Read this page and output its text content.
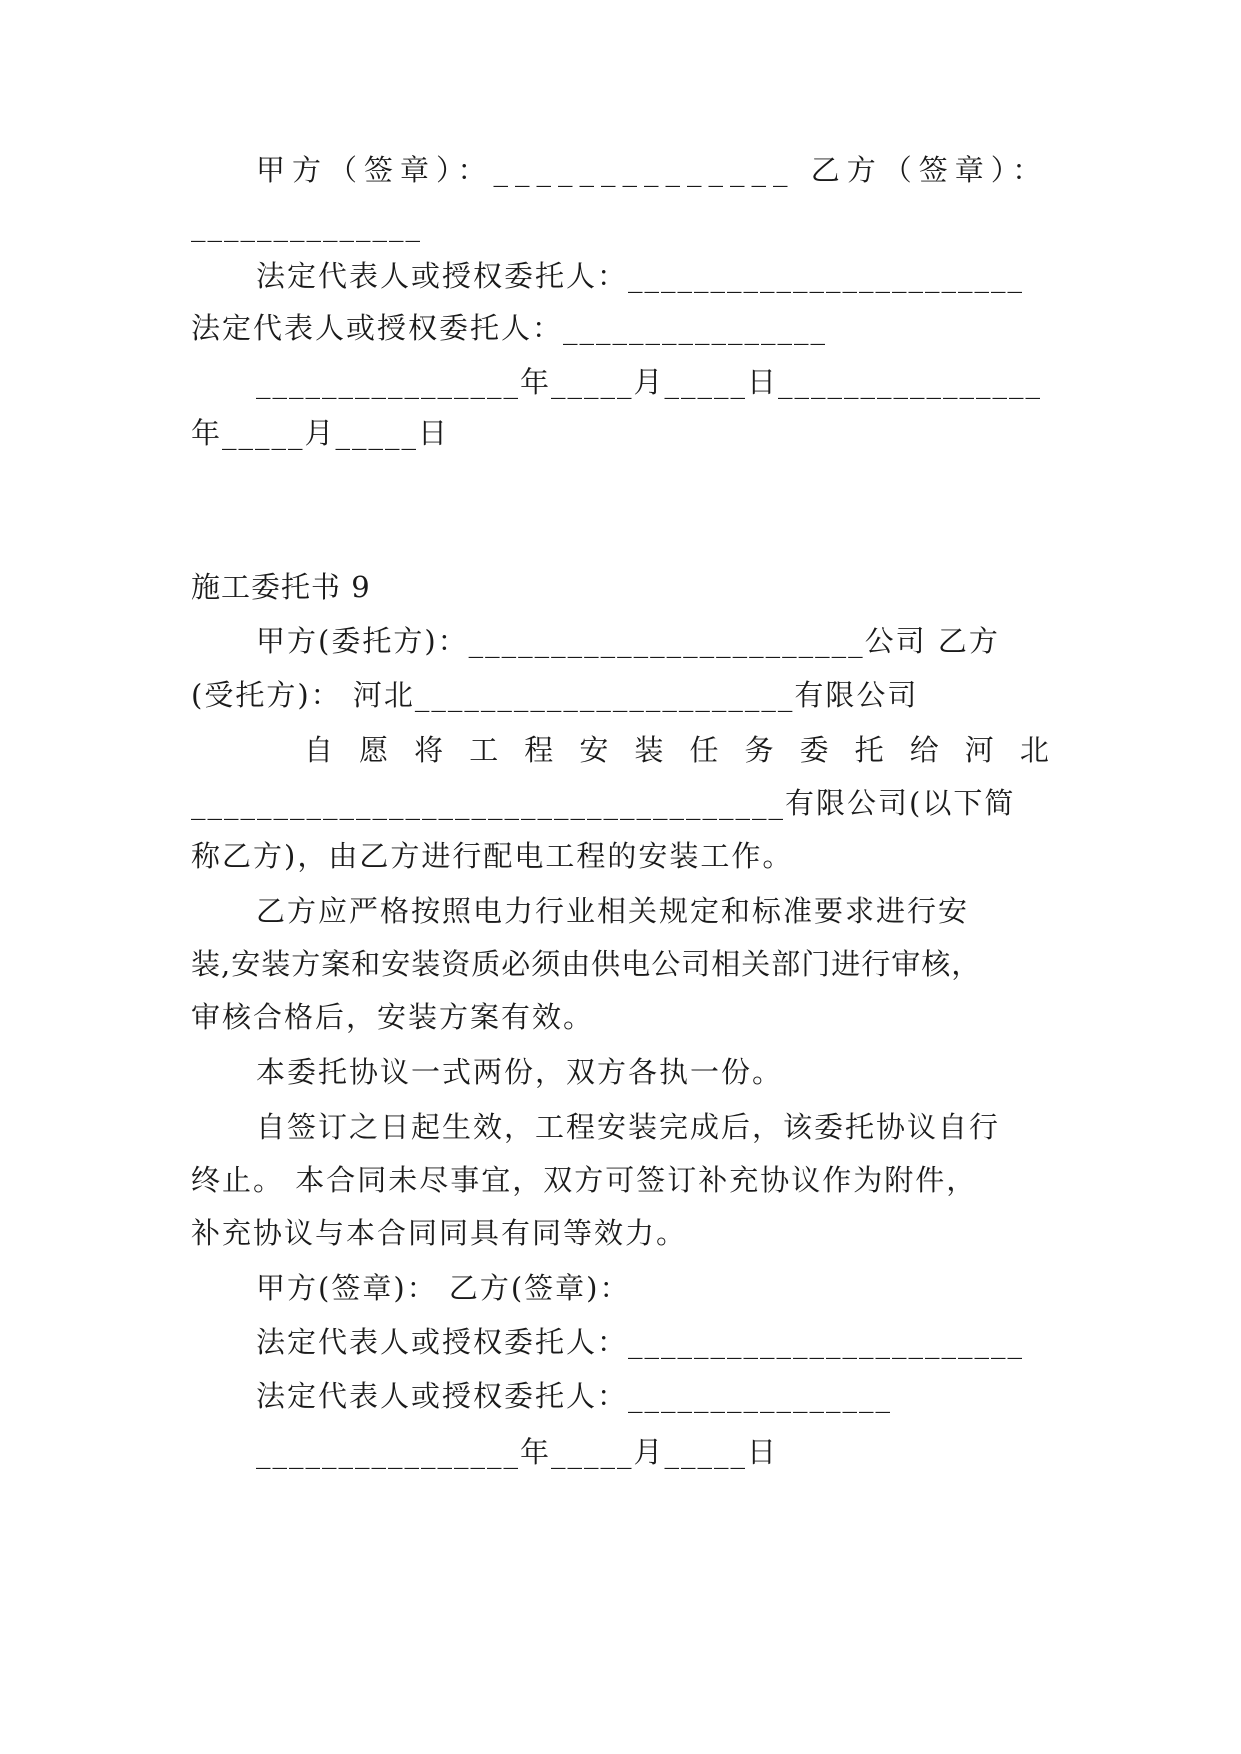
甲方（签章）：______________ 乙方（签章）：
______________
法定代表人或授权委托人：________________________
法定代表人或授权委托人：________________
________________年_____月_____日________________
年_____月_____日
施工委托书 9
甲方(委托方)：________________________公司 乙方
(受托方)： 河北_______________________有限公司
自 愿 将 工 程 安 装 任 务 委 托 给 河 北
____________________________________有限公司(以下简
称乙方)，由乙方进行配电工程的安装工作。
乙方应严格按照电力行业相关规定和标准要求进行安
装,安装方案和安装资质必须由供电公司相关部门进行审核，
审核合格后，安装方案有效。
本委托协议一式两份，双方各执一份。
自签订之日起生效，工程安装完成后，该委托协议自行
终止。 本合同未尽事宜，双方可签订补充协议作为附件，
补充协议与本合同同具有同等效力。
甲方(签章)： 乙方(签章)：
法定代表人或授权委托人：________________________
法定代表人或授权委托人：________________
________________年_____月_____日
